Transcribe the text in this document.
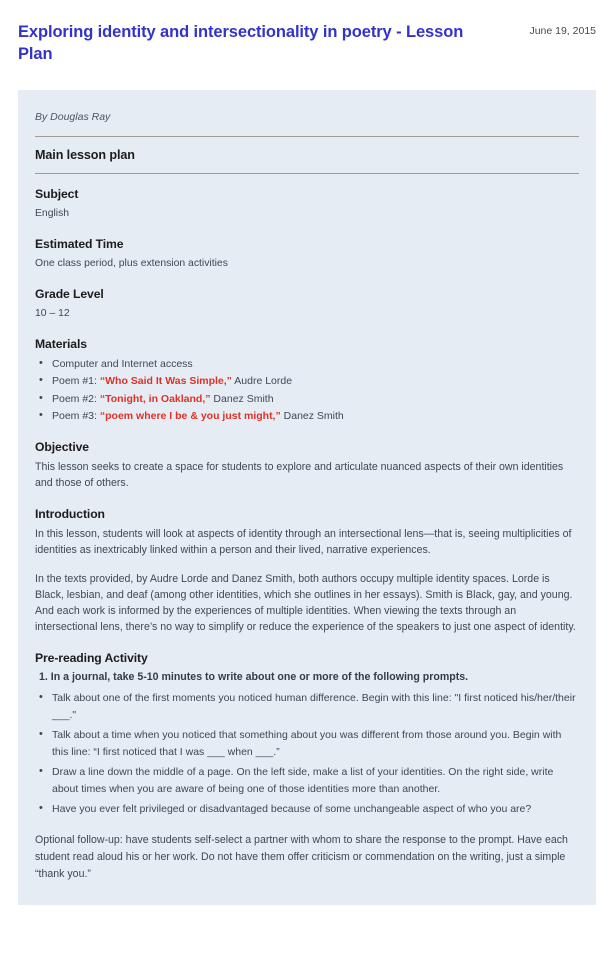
Exploring identity and intersectionality in poetry - Lesson Plan
June 19, 2015
By Douglas Ray
Main lesson plan
Subject
English
Estimated Time
One class period, plus extension activities
Grade Level
10 – 12
Materials
• Computer and Internet access
• Poem #1: “Who Said It Was Simple,” Audre Lorde
• Poem #2: “Tonight, in Oakland,” Danez Smith
• Poem #3: “poem where I be & you just might,” Danez Smith
Objective

This lesson seeks to create a space for students to explore and articulate nuanced aspects of their own identities and those of others.

Introduction

In this lesson, students will look at aspects of identity through an intersectional lens—that is, seeing multiplicities of identities as inextricably linked within a person and their lived, narrative experiences.

In the texts provided, by Audre Lorde and Danez Smith, both authors occupy multiple identity spaces. Lorde is Black, lesbian, and deaf (among other identities, which she outlines in her essays). Smith is Black, gay, and young. And each work is informed by the experiences of multiple identities. When viewing the texts through an intersectional lens, there’s no way to simplify or reduce the experience of the speakers to just one aspect of identity.

Pre-reading Activity
1. In a journal, take 5-10 minutes to write about one or more of the following prompts.
• Talk about one of the first moments you noticed human difference. Begin with this line: "I first noticed his/her/their ___."
• Talk about a time when you noticed that something about you was different from those around you. Begin with this line: “I first noticed that I was ___ when ___.”
• Draw a line down the middle of a page. On the left side, make a list of your identities. On the right side, write about times when you are aware of being one of those identities more than another.
• Have you ever felt privileged or disadvantaged because of some unchangeable aspect of who you are?

Optional follow-up: have students self-select a partner with whom to share the response to the prompt. Have each student read aloud his or her work. Do not have them offer criticism or commendation on the writing, just a simple “thank you.”
